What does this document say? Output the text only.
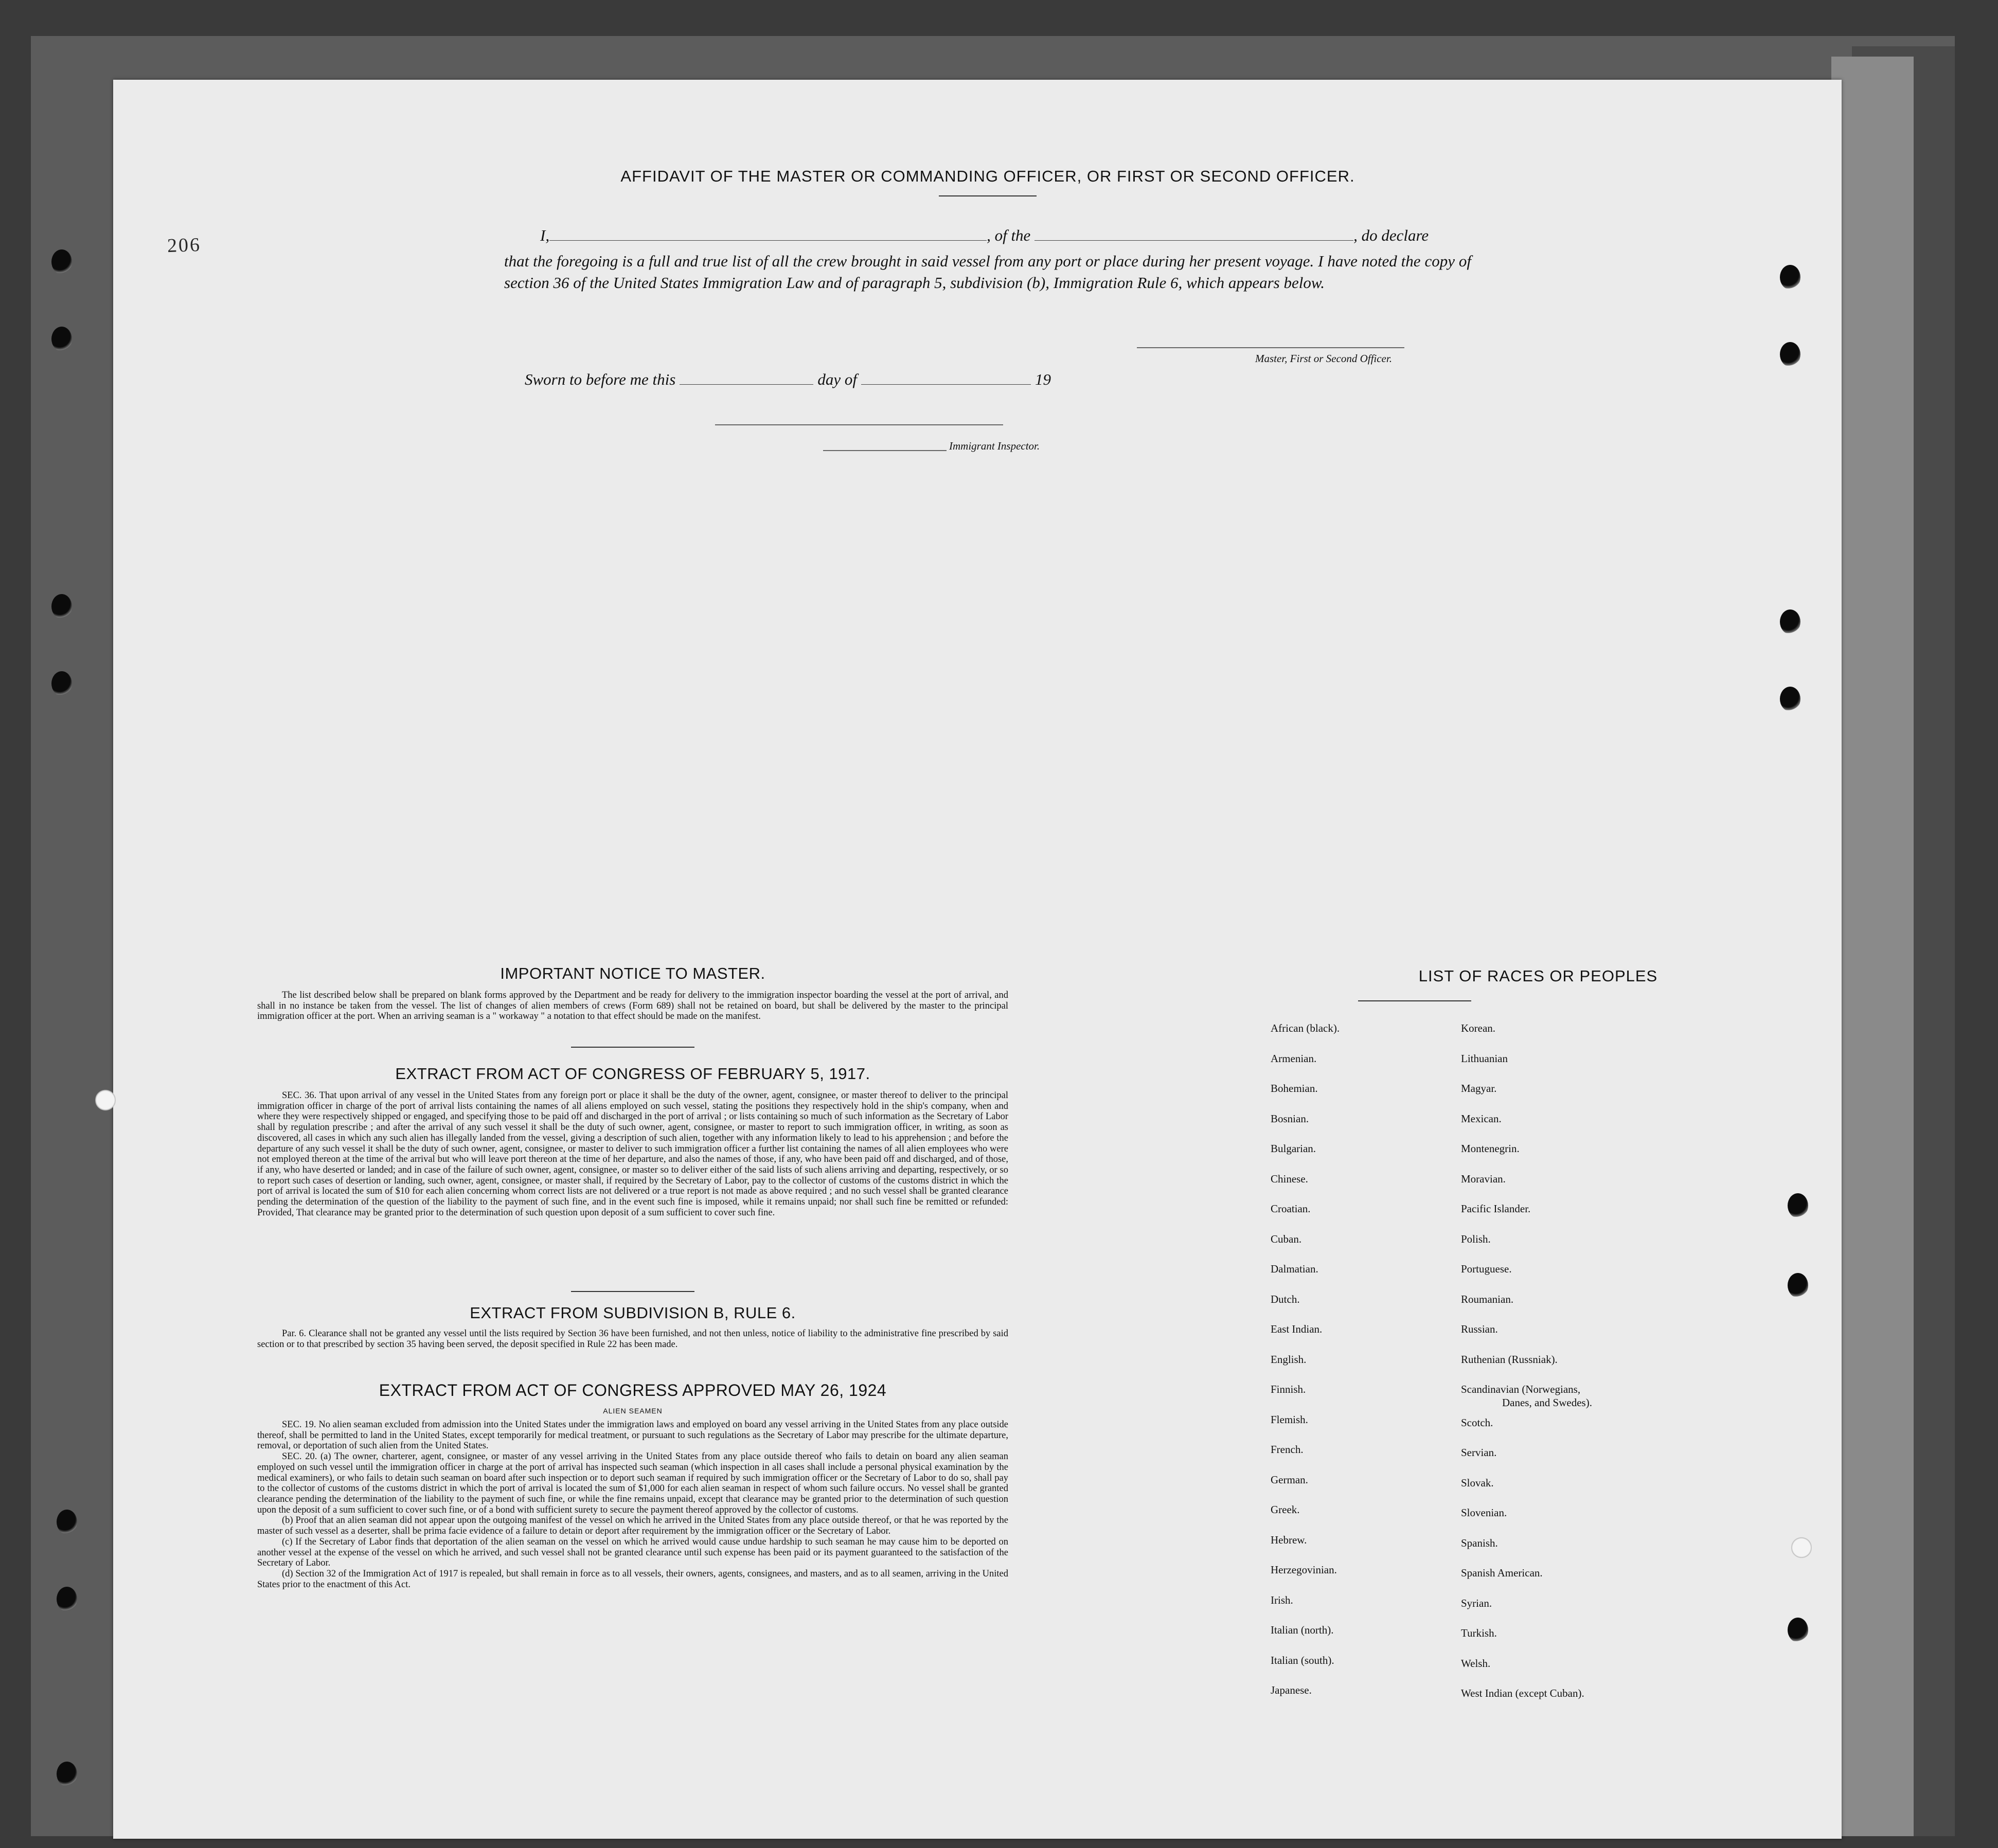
206
AFFIDAVIT OF THE MASTER OR COMMANDING OFFICER, OR FIRST OR SECOND OFFICER.
I,	, of the	, do declare
that the foregoing is a full and true list of all the crew brought in said vessel from any port or place during her present voyage. I have noted the copy of section 36 of the United States Immigration Law and of paragraph 5, subdivision (b), Immigration Rule 6, which appears below.
Master, First or Second Officer.
Sworn to before me this	day of	19
Immigrant Inspector.
IMPORTANT NOTICE TO MASTER.

The list described below shall be prepared on blank forms approved by the Department and be ready for delivery to the immigration inspector boarding the vessel at the port of arrival, and shall in no instance be taken from the vessel. The list of changes of alien members of crews (Form 689) shall not be retained on board, but shall be delivered by the master to the principal immigration officer at the port. When an arriving seaman is a " workaway " a notation to that effect should be made on the manifest.

EXTRACT FROM ACT OF CONGRESS OF FEBRUARY 5, 1917.

SEC. 36. That upon arrival of any vessel in the United States from any foreign port or place it shall be the duty of the owner, agent, consignee, or master thereof to deliver to the principal immigration officer in charge of the port of arrival lists containing the names of all aliens employed on such vessel, stating the positions they respectively hold in the ship's company, when and where they were respectively shipped or engaged, and specifying those to be paid off and discharged in the port of arrival ; or lists containing so much of such information as the Secretary of Labor shall by regulation prescribe ; and after the arrival of any such vessel it shall be the duty of such owner, agent, consignee, or master to report to such immigration officer, in writing, as soon as discovered, all cases in which any such alien has illegally landed from the vessel, giving a description of such alien, together with any information likely to lead to his apprehension ; and before the departure of any such vessel it shall be the duty of such owner, agent, consignee, or master to deliver to such immigration officer a further list containing the names of all alien employees who were not employed thereon at the time of the arrival but who will leave port thereon at the time of her departure, and also the names of those, if any, who have been paid off and discharged, and of those, if any, who have deserted or landed; and in case of the failure of such owner, agent, consignee, or master so to deliver either of the said lists of such aliens arriving and departing, respectively, or so to report such cases of desertion or landing, such owner, agent, consignee, or master shall, if required by the Secretary of Labor, pay to the collector of customs of the customs district in which the port of arrival is located the sum of $10 for each alien concerning whom correct lists are not delivered or a true report is not made as above required ; and no such vessel shall be granted clearance pending the determination of the question of the liability to the payment of such fine, and in the event such fine is imposed, while it remains unpaid; nor shall such fine be remitted or refunded: Provided, That clearance may be granted prior to the determination of such question upon deposit of a sum sufficient to cover such fine.

EXTRACT FROM SUBDIVISION B, RULE 6.

Par. 6. Clearance shall not be granted any vessel until the lists required by Section 36 have been furnished, and not then unless, notice of liability to the administrative fine prescribed by said section or to that prescribed by section 35 having been served, the deposit specified in Rule 22 has been made.

EXTRACT FROM ACT OF CONGRESS APPROVED MAY 26, 1924
ALIEN SEAMEN

SEC. 19. No alien seaman excluded from admission into the United States under the immigration laws and employed on board any vessel arriving in the United States from any place outside thereof, shall be permitted to land in the United States, except temporarily for medical treatment, or pursuant to such regulations as the Secretary of Labor may prescribe for the ultimate departure, removal, or deportation of such alien from the United States.

SEC. 20. (a) The owner, charterer, agent, consignee, or master of any vessel arriving in the United States from any place outside thereof who fails to detain on board any alien seaman employed on such vessel until the immigration officer in charge at the port of arrival has inspected such seaman (which inspection in all cases shall include a personal physical examination by the medical examiners), or who fails to detain such seaman on board after such inspection or to deport such seaman if required by such immigration officer or the Secretary of Labor to do so, shall pay to the collector of customs of the customs district in which the port of arrival is located the sum of $1,000 for each alien seaman in respect of whom such failure occurs. No vessel shall be granted clearance pending the determination of the liability to the payment of such fine, or while the fine remains unpaid, except that clearance may be granted prior to the determination of such question upon the deposit of a sum sufficient to cover such fine, or of a bond with sufficient surety to secure the payment thereof approved by the collector of customs.

(b) Proof that an alien seaman did not appear upon the outgoing manifest of the vessel on which he arrived in the United States from any place outside thereof, or that he was reported by the master of such vessel as a deserter, shall be prima facie evidence of a failure to detain or deport after requirement by the immigration officer or the Secretary of Labor.

(c) If the Secretary of Labor finds that deportation of the alien seaman on the vessel on which he arrived would cause undue hardship to such seaman he may cause him to be deported on another vessel at the expense of the vessel on which he arrived, and such vessel shall not be granted clearance until such expense has been paid or its payment guaranteed to the satisfaction of the Secretary of Labor.

(d) Section 32 of the Immigration Act of 1917 is repealed, but shall remain in force as to all vessels, their owners, agents, consignees, and masters, and as to all seamen, arriving in the United States prior to the enactment of this Act.

LIST OF RACES OR PEOPLES
African (black).
Armenian.
Bohemian.
Bosnian.
Bulgarian.
Chinese.
Croatian.
Cuban.
Dalmatian.
Dutch.
East Indian.
English.
Finnish.
Flemish.
French.
German.
Greek.
Hebrew.
Herzegovinian.
Irish.
Italian (north).
Italian (south).
Japanese.
Korean.
Lithuanian
Magyar.
Mexican.
Montenegrin.
Moravian.
Pacific Islander.
Polish.
Portuguese.
Roumanian.
Russian.
Ruthenian (Russniak).
Scandinavian (Norwegians,
Danes, and Swedes).
Scotch.
Servian.
Slovak.
Slovenian.
Spanish.
Spanish American.
Syrian.
Turkish.
Welsh.
West Indian (except Cuban).
